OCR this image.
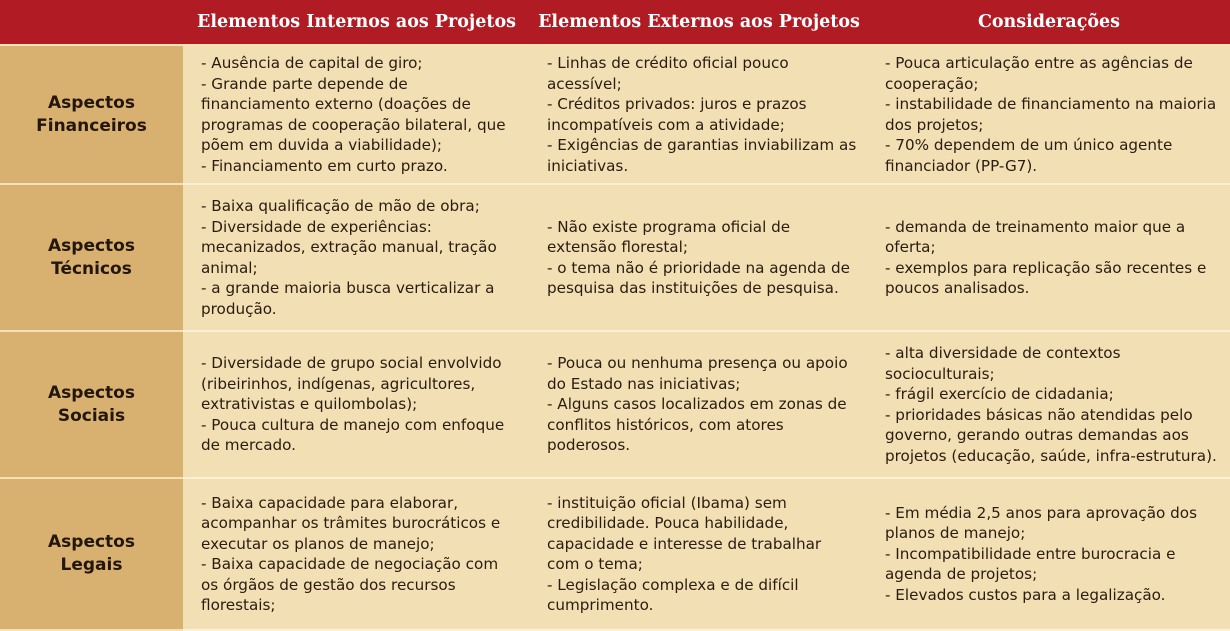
Elementos Internos aos Projetos	Elementos Externos aos Projetos	Considerações
Aspectos
Financeiros
- Ausência de capital de giro;
- Grande parte depende de financiamento externo (doações de programas de cooperação bilateral, que põem em duvida a viabilidade);
- Financiamento em curto prazo.
- Linhas de crédito oficial pouco acessível;
- Créditos privados: juros e prazos incompatíveis com a atividade;
- Exigências de garantias inviabilizam as iniciativas.
- Pouca articulação entre as agências de cooperação;
- instabilidade de financiamento na maioria dos projetos;
- 70% dependem de um único agente financiador (PP-G7).
Aspectos
Técnicos
- Baixa qualificação de mão de obra;
- Diversidade de experiências: mecanizados, extração manual, tração animal;
- a grande maioria busca verticalizar a produção.
- Não existe programa oficial de extensão florestal;
- o tema não é prioridade na agenda de pesquisa das instituições de pesquisa.
- demanda de treinamento maior que a oferta;
- exemplos para replicação são recentes e poucos analisados.
Aspectos
Sociais
- Diversidade de grupo social envolvido (ribeirinhos, indígenas, agricultores, extrativistas e quilombolas);
- Pouca cultura de manejo com enfoque de mercado.
- Pouca ou nenhuma presença ou apoio do Estado nas iniciativas;
- Alguns casos localizados em zonas de conflitos históricos, com atores poderosos.
- alta diversidade de contextos socioculturais;
- frágil exercício de cidadania;
- prioridades básicas não atendidas pelo governo, gerando outras demandas aos projetos (educação, saúde, infra-estrutura).
Aspectos
Legais
- Baixa capacidade para elaborar, acompanhar os trâmites burocráticos e executar os planos de manejo;
- Baixa capacidade de negociação com os órgãos de gestão dos recursos florestais;
- instituição oficial (Ibama) sem credibilidade. Pouca habilidade, capacidade e interesse de trabalhar com o tema;
- Legislação complexa e de difícil cumprimento.
- Em média 2,5 anos para aprovação dos planos de manejo;
- Incompatibilidade entre burocracia e agenda de projetos;
- Elevados custos para a legalização.
